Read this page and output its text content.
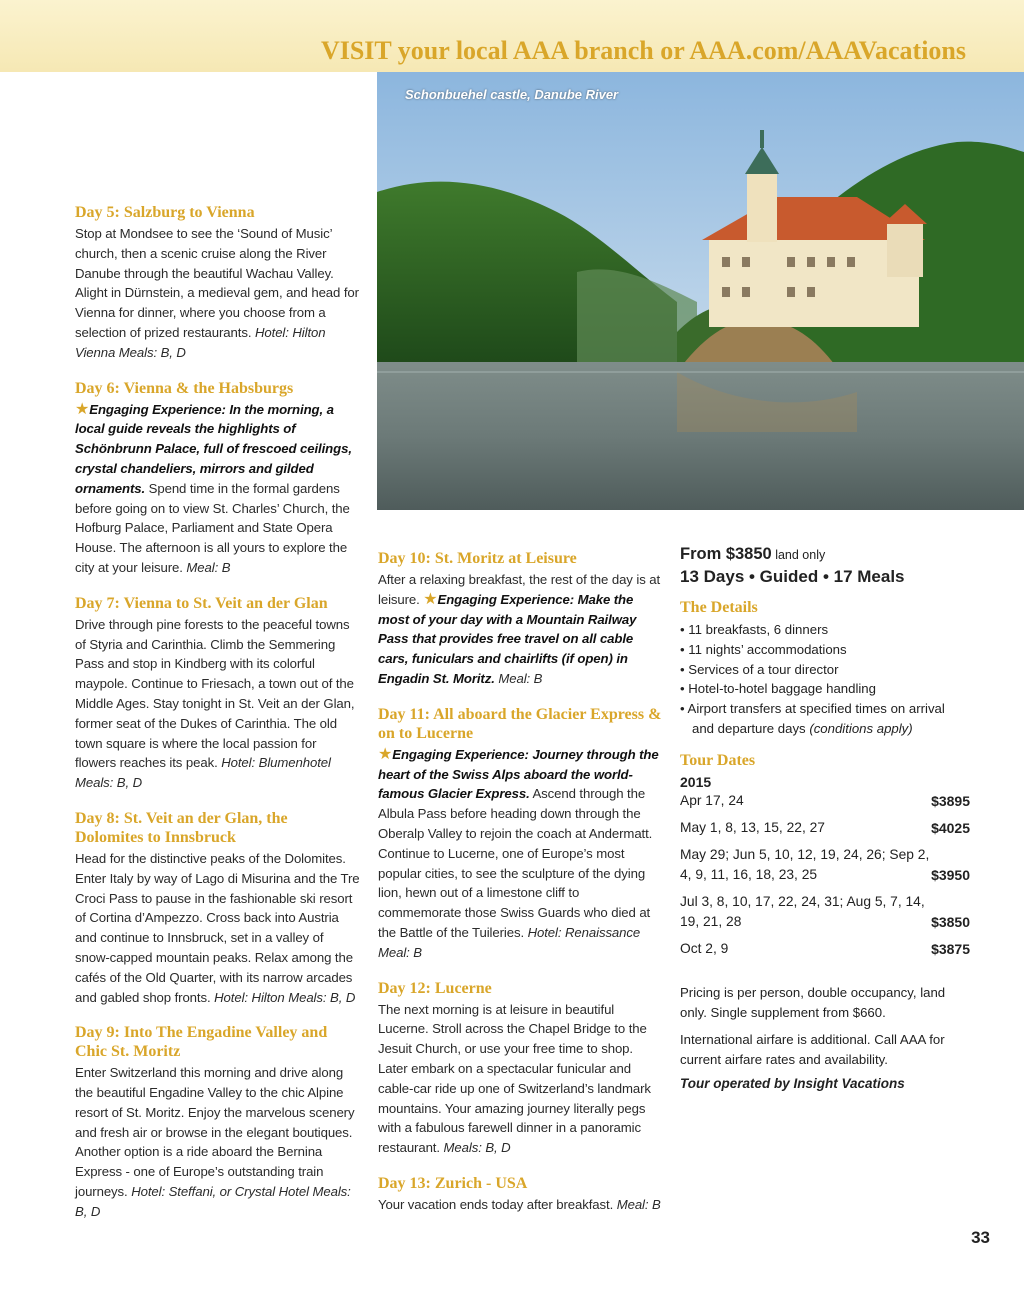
VISIT your local AAA branch or AAA.com/AAAVacations
Schonbuehel castle, Danube River
Day 5: Salzburg to Vienna
Stop at Mondsee to see the ‘Sound of Music’ church, then a scenic cruise along the River Danube through the beautiful Wachau Valley. Alight in Dürnstein, a medieval gem, and head for Vienna for dinner, where you choose from a selection of prized restaurants. Hotel: Hilton Vienna Meals: B, D
Day 6: Vienna & the Habsburgs
★Engaging Experience: In the morning, a local guide reveals the highlights of Schönbrunn Palace, full of frescoed ceilings, crystal chandeliers, mirrors and gilded ornaments. Spend time in the formal gardens before going on to view St. Charles’ Church, the Hofburg Palace, Parliament and State Opera House. The afternoon is all yours to explore the city at your leisure. Meal: B
Day 7: Vienna to St. Veit an der Glan
Drive through pine forests to the peaceful towns of Styria and Carinthia. Climb the Semmering Pass and stop in Kindberg with its colorful maypole. Continue to Friesach, a town out of the Middle Ages. Stay tonight in St. Veit an der Glan, former seat of the Dukes of Carinthia. The old town square is where the local passion for flowers reaches its peak. Hotel: Blumenhotel Meals: B, D
Day 8: St. Veit an der Glan, the Dolomites to Innsbruck
Head for the distinctive peaks of the Dolomites. Enter Italy by way of Lago di Misurina and the Tre Croci Pass to pause in the fashionable ski resort of Cortina d’Ampezzo. Cross back into Austria and continue to Innsbruck, set in a valley of snow-capped mountain peaks. Relax among the cafés of the Old Quarter, with its narrow arcades and gabled shop fronts. Hotel: Hilton Meals: B, D
Day 9: Into The Engadine Valley and Chic St. Moritz
Enter Switzerland this morning and drive along the beautiful Engadine Valley to the chic Alpine resort of St. Moritz. Enjoy the marvelous scenery and fresh air or browse in the elegant boutiques. Another option is a ride aboard the Bernina Express - one of Europe’s outstanding train journeys. Hotel: Steffani, or Crystal Hotel Meals: B, D
Day 10: St. Moritz at Leisure
After a relaxing breakfast, the rest of the day is at leisure. ★Engaging Experience: Make the most of your day with a Mountain Railway Pass that provides free travel on all cable cars, funiculars and chairlifts (if open) in Engadin St. Moritz. Meal: B
Day 11: All aboard the Glacier Express & on to Lucerne
★Engaging Experience: Journey through the heart of the Swiss Alps aboard the world-famous Glacier Express. Ascend through the Albula Pass before heading down through the Oberalp Valley to rejoin the coach at Andermatt. Continue to Lucerne, one of Europe’s most popular cities, to see the sculpture of the dying lion, hewn out of a limestone cliff to commemorate those Swiss Guards who died at the Battle of the Tuileries. Hotel: Renaissance Meal: B
Day 12: Lucerne
The next morning is at leisure in beautiful Lucerne. Stroll across the Chapel Bridge to the Jesuit Church, or use your free time to shop. Later embark on a spectacular funicular and cable-car ride up one of Switzerland’s landmark mountains. Your amazing journey literally pegs with a fabulous farewell dinner in a panoramic restaurant. Meals: B, D
Day 13: Zurich - USA
Your vacation ends today after breakfast. Meal: B
From $3850 land only
13 Days • Guided • 17 Meals
The Details
• 11 breakfasts, 6 dinners
• 11 nights’ accommodations
• Services of a tour director
• Hotel-to-hotel baggage handling
• Airport transfers at specified times on arrival and departure days (conditions apply)
Tour Dates
2015
Apr 17, 24	$3895
May 1, 8, 13, 15, 22, 27	$4025
May 29; Jun 5, 10, 12, 19, 24, 26; Sep 2, 4, 9, 11, 16, 18, 23, 25	$3950
Jul 3, 8, 10, 17, 22, 24, 31; Aug 5, 7, 14, 19, 21, 28	$3850
Oct 2, 9	$3875
Pricing is per person, double occupancy, land only. Single supplement from $660.
International airfare is additional. Call AAA for current airfare rates and availability.
Tour operated by Insight Vacations
33
